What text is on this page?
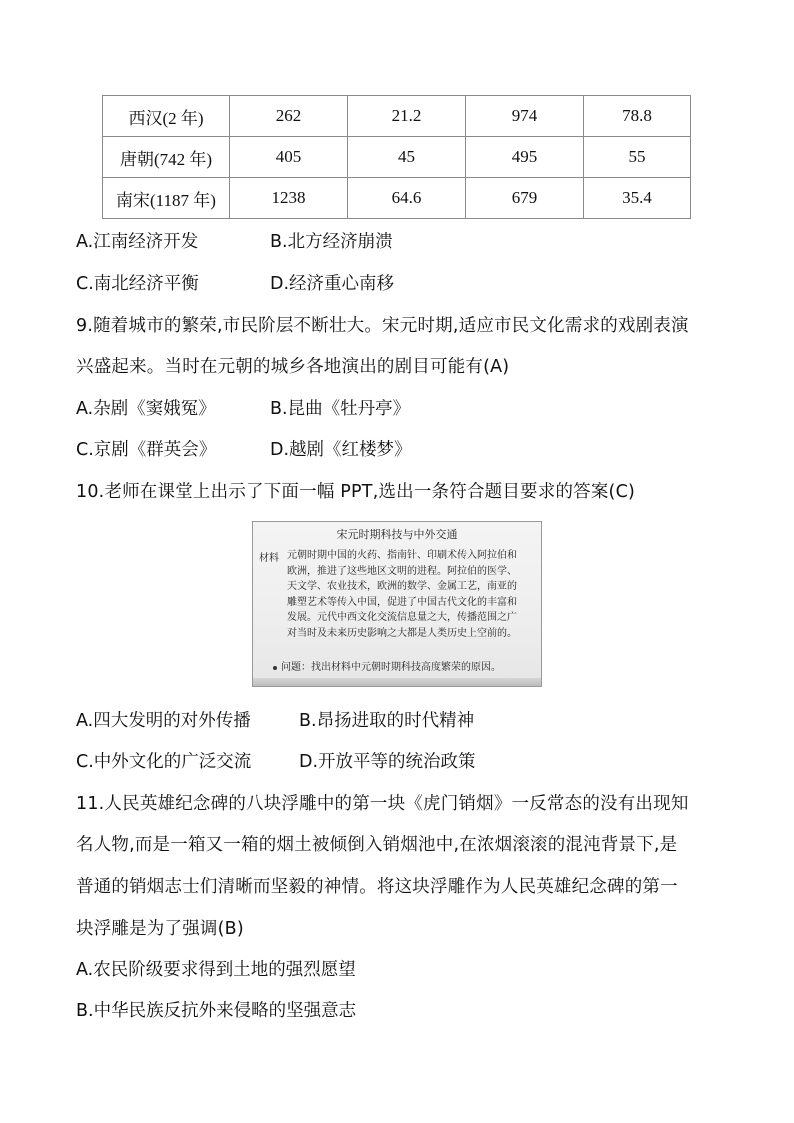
西汉(2 年)	262	21.2	974	78.8
唐朝(742 年)	405	45	495	55
南宋(1187 年)	1238	64.6	679	35.4
A.江南经济开发	B.北方经济崩溃
C.南北经济平衡	D.经济重心南移
9.随着城市的繁荣,市民阶层不断壮大。宋元时期,适应市民文化需求的戏剧表演
兴盛起来。当时在元朝的城乡各地演出的剧目可能有(A)
A.杂剧《窦娥冤》	B.昆曲《牡丹亭》
C.京剧《群英会》	D.越剧《红楼梦》
10.老师在课堂上出示了下面一幅 PPT,选出一条符合题目要求的答案(C)
宋元时期科技与中外交通
材料 元朝时期中国的火药、指南针、印刷术传入阿拉伯和
欧洲，推进了这些地区文明的进程。阿拉伯的医学、
天文学、农业技术，欧洲的数学、金属工艺，南亚的
雕塑艺术等传入中国，促进了中国古代文化的丰富和
发展。元代中西文化交流信息量之大，传播范围之广
对当时及未来历史影响之大都是人类历史上空前的。
问题：找出材料中元朝时期科技高度繁荣的原因。
A.四大发明的对外传播	B.昂扬进取的时代精神
C.中外文化的广泛交流	D.开放平等的统治政策
11.人民英雄纪念碑的八块浮雕中的第一块《虎门销烟》一反常态的没有出现知
名人物,而是一箱又一箱的烟土被倾倒入销烟池中,在浓烟滚滚的混沌背景下,是
普通的销烟志士们清晰而坚毅的神情。将这块浮雕作为人民英雄纪念碑的第一
块浮雕是为了强调(B)
A.农民阶级要求得到土地的强烈愿望
B.中华民族反抗外来侵略的坚强意志
